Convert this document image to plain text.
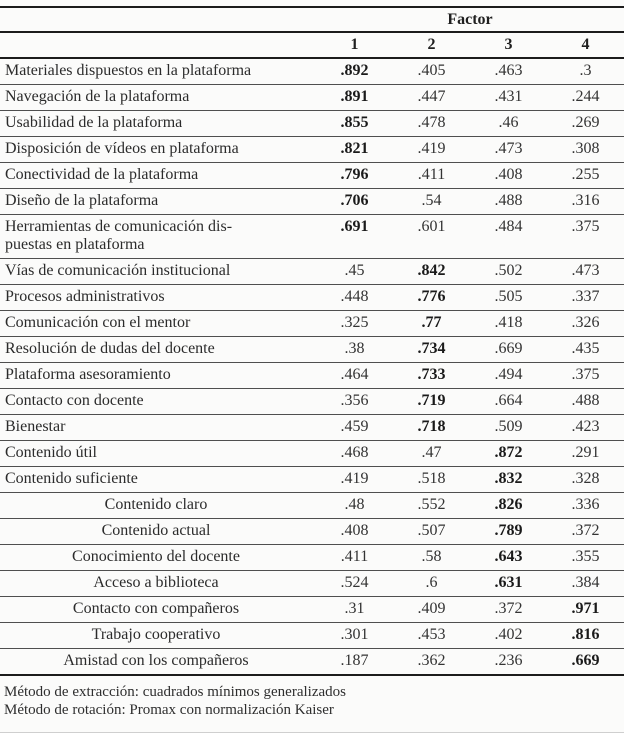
	Factor			
	1	2	3	4
Materiales dispuestos en la plataforma	.892	.405	.463	.3
Navegación de la plataforma	.891	.447	.431	.244
Usabilidad de la plataforma	.855	.478	.46	.269
Disposición de vídeos en plataforma	.821	.419	.473	.308
Conectividad de la plataforma	.796	.411	.408	.255
Diseño de la plataforma	.706	.54	.488	.316
Herramientas de comunicación dis-
puestas en plataforma	.691	.601	.484	.375
Vías de comunicación institucional	.45	.842	.502	.473
Procesos administrativos	.448	.776	.505	.337
Comunicación con el mentor	.325	.77	.418	.326
Resolución de dudas del docente	.38	.734	.669	.435
Plataforma asesoramiento	.464	.733	.494	.375
Contacto con docente	.356	.719	.664	.488
Bienestar	.459	.718	.509	.423
Contenido útil	.468	.47	.872	.291
Contenido suficiente	.419	.518	.832	.328
Contenido claro	.48	.552	.826	.336
Contenido actual	.408	.507	.789	.372
Conocimiento del docente	.411	.58	.643	.355
Acceso a biblioteca	.524	.6	.631	.384
Contacto con compañeros	.31	.409	.372	.971
Trabajo cooperativo	.301	.453	.402	.816
Amistad con los compañeros	.187	.362	.236	.669
Método de extracción: cuadrados mínimos generalizados
Método de rotación: Promax con normalización Kaiser
